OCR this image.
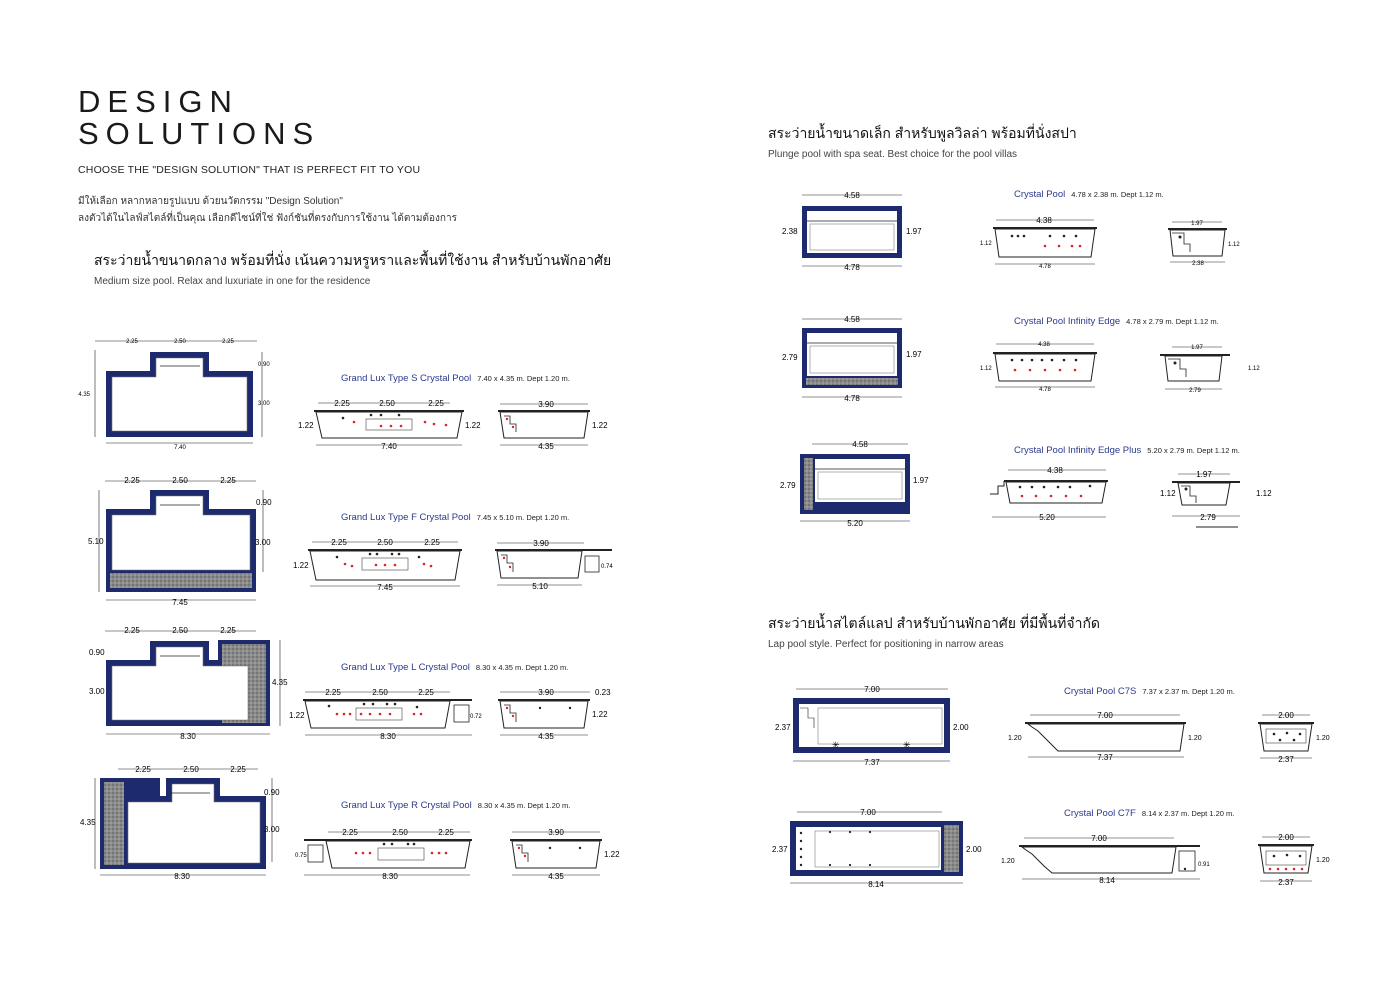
DESIGN
SOLUTIONS
CHOOSE THE "DESIGN SOLUTION" THAT IS PERFECT FIT TO YOU
มีให้เลือก หลากหลายรูปแบบ ด้วยนวัตกรรม "Design Solution"
ลงตัวได้ในไลฟ์สไตล์ที่เป็นคุณ เลือกดีไซน์ที่ใช่ ฟังก์ชันที่ตรงกับการใช้งาน ได้ตามต้องการ
สระว่ายน้ำขนาดกลาง พร้อมที่นั่ง เน้นความหรูหราและพื้นที่ใช้งาน สำหรับบ้านพักอาศัย
Medium size pool. Relax and luxuriate in one for the residence
สระว่ายน้ำขนาดเล็ก สำหรับพูลวิลล่า พร้อมที่นั่งสปา
Plunge pool with spa seat. Best choice for the pool villas
สระว่ายน้ำสไตล์แลป สำหรับบ้านพักอาศัย ที่มีพื้นที่จำกัด
Lap pool style. Perfect for positioning in narrow areas
Grand Lux Type S Crystal Pool 7.40 x 4.35 m. Dept 1.20 m.
Grand Lux Type F Crystal Pool 7.45 x 5.10 m. Dept 1.20 m.
Grand Lux Type L Crystal Pool 8.30 x 4.35 m. Dept 1.20 m.
Grand Lux Type R Crystal Pool 8.30 x 4.35 m. Dept 1.20 m.
Crystal Pool 4.78 x 2.38 m. Dept 1.12 m.
Crystal Pool Infinity Edge 4.78 x 2.79 m. Dept 1.12 m.
Crystal Pool Infinity Edge Plus 5.20 x 2.79 m. Dept 1.12 m.
Crystal Pool C7S 7.37 x 2.37 m. Dept 1.20 m.
Crystal Pool C7F 8.14 x 2.37 m. Dept 1.20 m.
2.25	2.50	2.25
4.35
0.90
3.00
7.40
2.25	2.50	2.25
1.22	1.22
7.40
3.90
1.22
4.35
2.25	2.50	2.25
5.10
0.90
3.00
7.45
2.25	2.50	2.25
1.22
7.45
3.90
0.74
5.10
2.25	2.50	2.25
0.90
3.00
4.35
8.30
2.25	2.50	2.25
1.22	0.72
8.30
3.90	0.23
1.22
4.35
2.25	2.50	2.25
4.35
0.90
3.00
8.30
2.25	2.50	2.25
0.75
8.30
3.90
1.22
4.35
4.58
2.38	1.97
4.78
4.38
1.12
4.78
1.97
1.12
2.38
4.58
2.79	1.97
4.78
4.38
1.12
4.78
1.97
1.12
2.79
4.58
2.79
1.97
5.20
4.38
5.20
1.97
1.12	1.12
2.79
7.00
✳	✳
2.37	2.00
7.37
7.00
1.20	1.20
7.37
2.00
1.20
2.37
7.00
2.37	2.00
8.14
7.00
1.20	0.91
8.14
2.00
1.20
2.37
